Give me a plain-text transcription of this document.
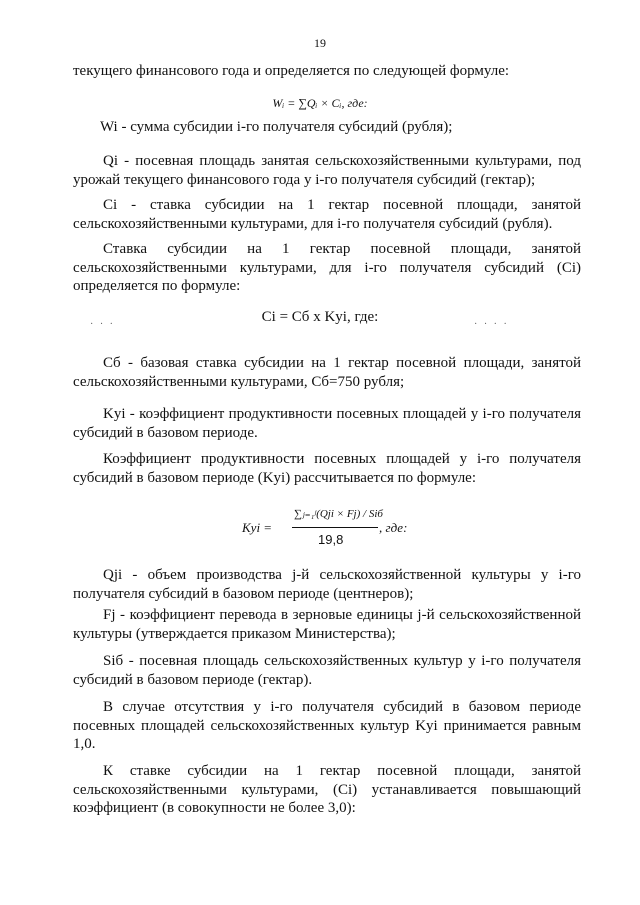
19
текущего финансового года и определяется по следующей формуле:
Wᵢ = ∑Qᵢ × Cᵢ, где:
Wi - сумма субсидии i-го получателя субсидий (рубля);
Qi - посевная площадь занятая сельскохозяйственными культурами, под урожай текущего финансового года у i-го получателя субсидий (гектар);
Ci - ставка субсидии на 1 гектар посевной площади, занятой сельскохозяйственными культурами, для i-го получателя субсидий (рубля).
Ставка субсидии на 1 гектар посевной площади, занятой сельскохозяйственными культурами, для i-го получателя субсидий (Ci) определяется по формуле:
· · ·	Ci = Cб x Kуi, где:	· · · ·
Cб - базовая ставка субсидии на 1 гектар посевной площади, занятой сельскохозяйственными культурами, Cб=750 рубля;
Kуi - коэффициент продуктивности посевных площадей у i-го получателя субсидий в базовом периоде.
Коэффициент продуктивности посевных площадей у i-го получателя субсидий в базовом периоде (Kуi) рассчитывается по формуле:
Kyi =
∑ⱼ₌₁ʲ(Qji × Fj) / Siб
19,8
, где:
Qji - объем производства j-й сельскохозяйственной культуры у i-го получателя субсидий в базовом периоде (центнеров);
Fj - коэффициент перевода в зерновые единицы j-й сельскохозяйственной культуры (утверждается приказом Министерства);
Siб - посевная площадь сельскохозяйственных культур у i-го получателя субсидий в базовом периоде (гектар).
В случае отсутствия у i-го получателя субсидий в базовом периоде посевных площадей сельскохозяйственных культур Kуi принимается равным 1,0.
К ставке субсидии на 1 гектар посевной площади, занятой сельскохозяйственными культурами, (Ci) устанавливается повышающий коэффициент (в совокупности не более 3,0):
